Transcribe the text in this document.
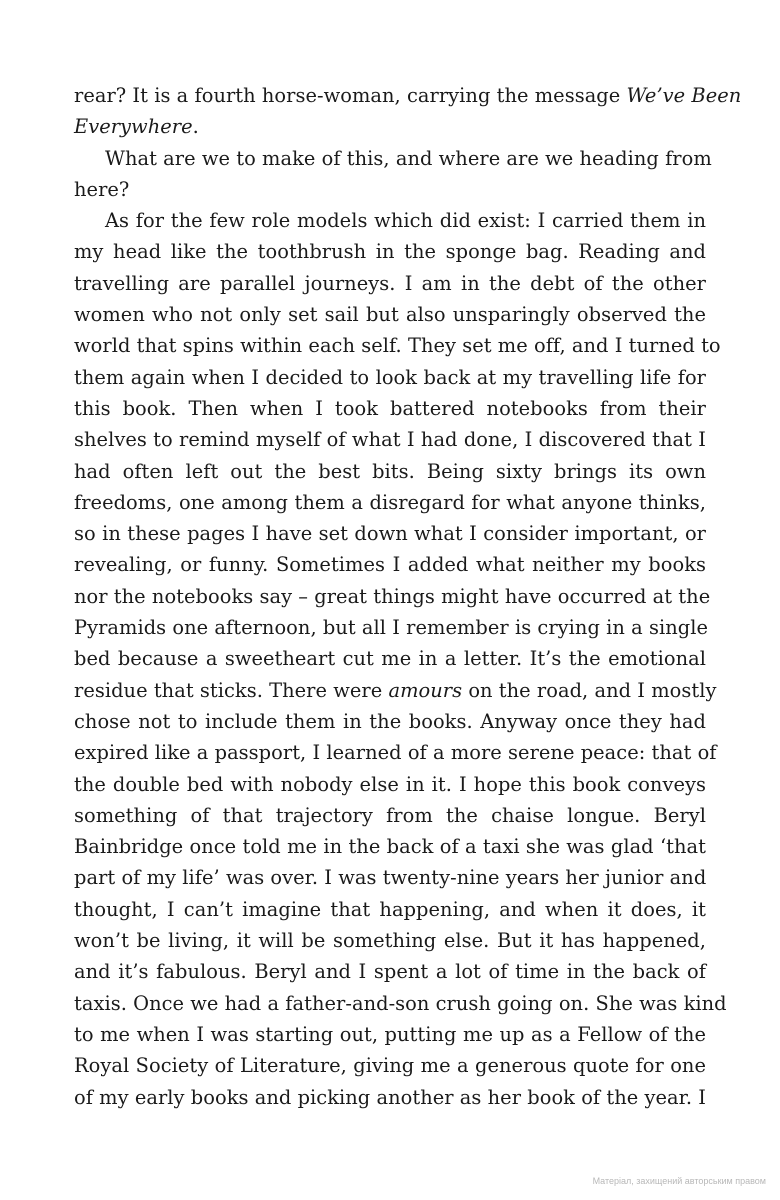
rear? It is a fourth horse-woman, carrying the message We’ve Been
Everywhere.

What are we to make of this, and where are we heading from
here?

As for the few role models which did exist: I carried them in
my head like the toothbrush in the sponge bag. Reading and
travelling are parallel journeys. I am in the debt of the other
women who not only set sail but also unsparingly observed the
world that spins within each self. They set me off, and I turned to
them again when I decided to look back at my travelling life for
this book. Then when I took battered notebooks from their
shelves to remind myself of what I had done, I discovered that I
had often left out the best bits. Being sixty brings its own
freedoms, one among them a disregard for what anyone thinks,
so in these pages I have set down what I consider important, or
revealing, or funny. Sometimes I added what neither my books
nor the notebooks say – great things might have occurred at the
Pyramids one afternoon, but all I remember is crying in a single
bed because a sweetheart cut me in a letter. It’s the emotional
residue that sticks. There were amours on the road, and I mostly
chose not to include them in the books. Anyway once they had
expired like a passport, I learned of a more serene peace: that of
the double bed with nobody else in it. I hope this book conveys
something of that trajectory from the chaise longue. Beryl
Bainbridge once told me in the back of a taxi she was glad ‘that
part of my life’ was over. I was twenty-nine years her junior and
thought, I can’t imagine that happening, and when it does, it
won’t be living, it will be something else. But it has happened,
and it’s fabulous. Beryl and I spent a lot of time in the back of
taxis. Once we had a father-and-son crush going on. She was kind
to me when I was starting out, putting me up as a Fellow of the
Royal Society of Literature, giving me a generous quote for one
of my early books and picking another as her book of the year. I

Матеріал, захищений авторським правом
